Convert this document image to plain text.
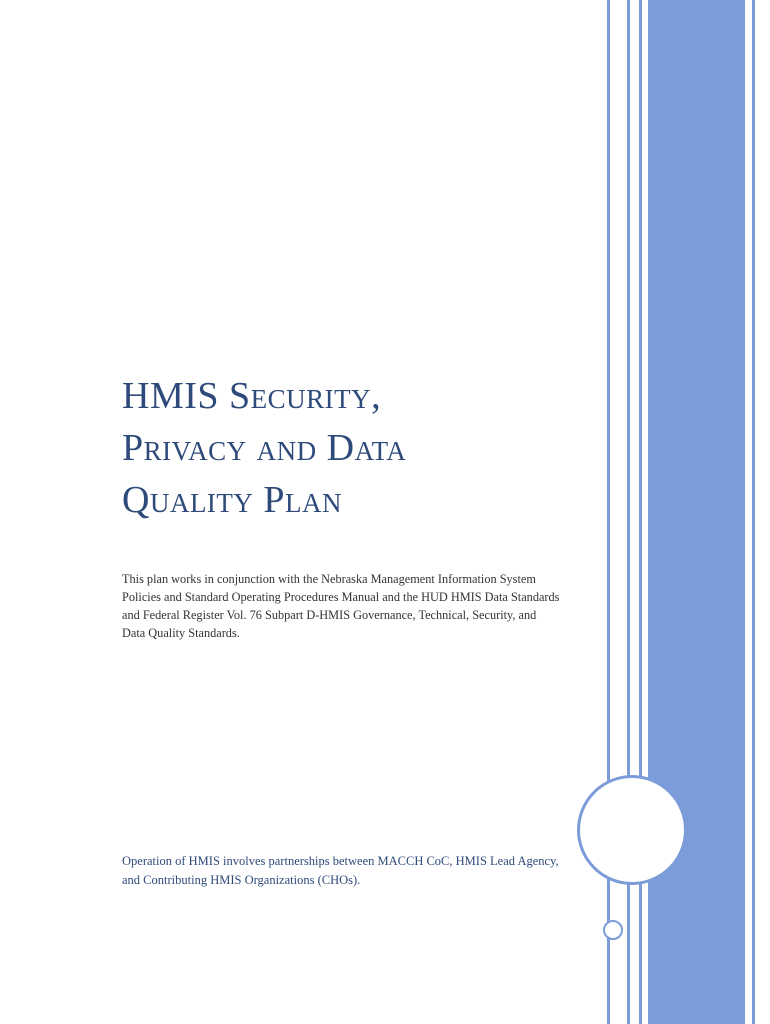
HMIS Security,
Privacy and Data
Quality Plan

This plan works in conjunction with the Nebraska Management Information System Policies and Standard Operating Procedures Manual and the HUD HMIS Data Standards and Federal Register Vol. 76 Subpart D-HMIS Governance, Technical, Security, and Data Quality Standards.

Operation of HMIS involves partnerships between MACCH CoC, HMIS Lead Agency, and Contributing HMIS Organizations (CHOs).
